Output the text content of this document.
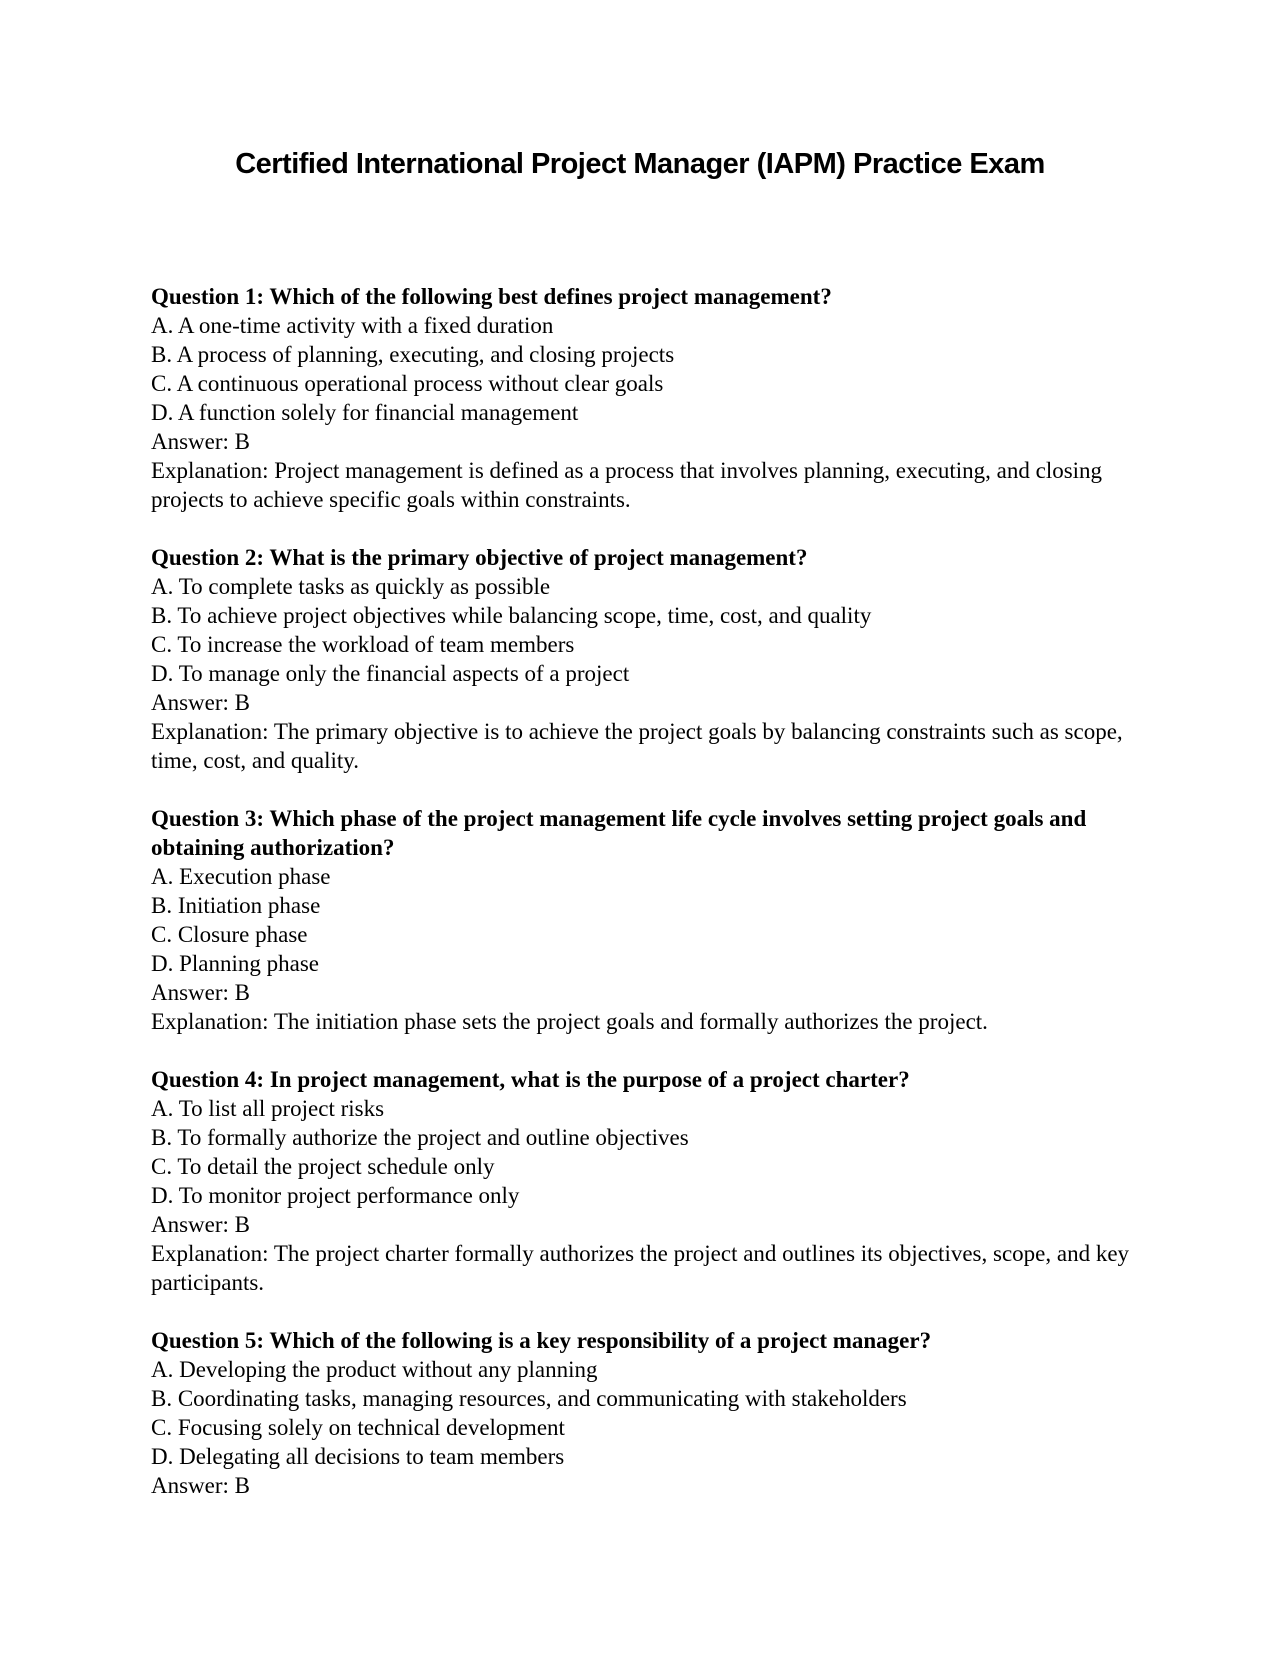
Certified International Project Manager (IAPM) Practice Exam

Question 1: Which of the following best defines project management?

A. A one-time activity with a fixed duration

B. A process of planning, executing, and closing projects

C. A continuous operational process without clear goals

D. A function solely for financial management

Answer: B

Explanation: Project management is defined as a process that involves planning, executing, and closing projects to achieve specific goals within constraints.

Question 2: What is the primary objective of project management?

A. To complete tasks as quickly as possible

B. To achieve project objectives while balancing scope, time, cost, and quality

C. To increase the workload of team members

D. To manage only the financial aspects of a project

Answer: B

Explanation: The primary objective is to achieve the project goals by balancing constraints such as scope, time, cost, and quality.

Question 3: Which phase of the project management life cycle involves setting project goals and obtaining authorization?

A. Execution phase

B. Initiation phase

C. Closure phase

D. Planning phase

Answer: B

Explanation: The initiation phase sets the project goals and formally authorizes the project.

Question 4: In project management, what is the purpose of a project charter?

A. To list all project risks

B. To formally authorize the project and outline objectives

C. To detail the project schedule only

D. To monitor project performance only

Answer: B

Explanation: The project charter formally authorizes the project and outlines its objectives, scope, and key participants.

Question 5: Which of the following is a key responsibility of a project manager?

A. Developing the product without any planning

B. Coordinating tasks, managing resources, and communicating with stakeholders

C. Focusing solely on technical development

D. Delegating all decisions to team members

Answer: B
